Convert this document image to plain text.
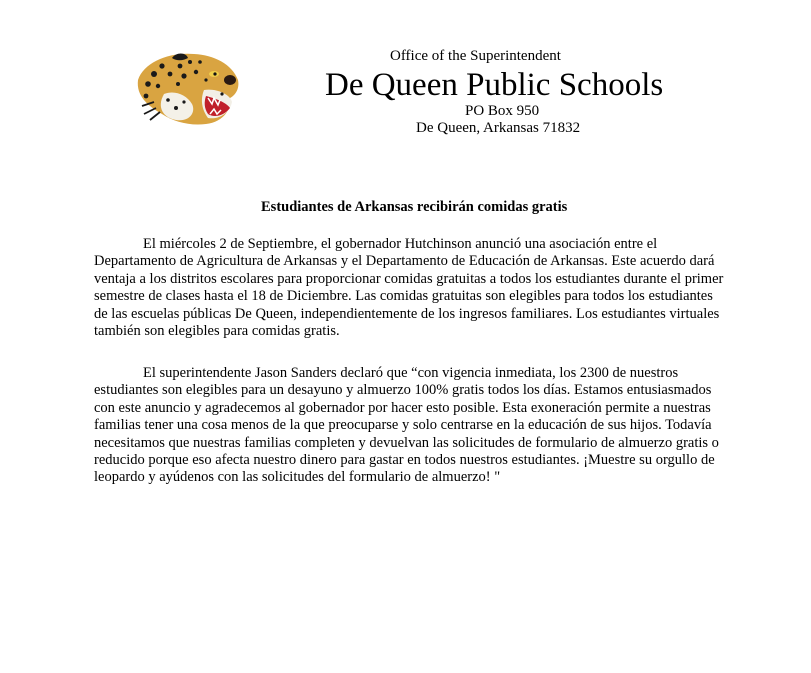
Office of the Superintendent
De Queen Public Schools
PO Box 950
De Queen, Arkansas 71832
Estudiantes de Arkansas recibirán comidas gratis

El miércoles 2 de Septiembre, el gobernador Hutchinson anunció una asociación entre el Departamento de Agricultura de Arkansas y el Departamento de Educación de Arkansas. Este acuerdo dará ventaja a los distritos escolares para proporcionar comidas gratuitas a todos los estudiantes durante el primer semestre de clases hasta el 18 de Diciembre. Las comidas gratuitas son elegibles para todos los estudiantes de las escuelas públicas De Queen, independientemente de los ingresos familiares. Los estudiantes virtuales también son elegibles para comidas gratis.

El superintendente Jason Sanders declaró que “con vigencia inmediata, los 2300 de nuestros estudiantes son elegibles para un desayuno y almuerzo 100% gratis todos los días. Estamos entusiasmados con este anuncio y agradecemos al gobernador por hacer esto posible. Esta exoneración permite a nuestras familias tener una cosa menos de la que preocuparse y solo centrarse en la educación de sus hijos. Todavía necesitamos que nuestras familias completen y devuelvan las solicitudes de formulario de almuerzo gratis o reducido porque eso afecta nuestro dinero para gastar en todos nuestros estudiantes. ¡Muestre su orgullo de leopardo y ayúdenos con las solicitudes del formulario de almuerzo! "
